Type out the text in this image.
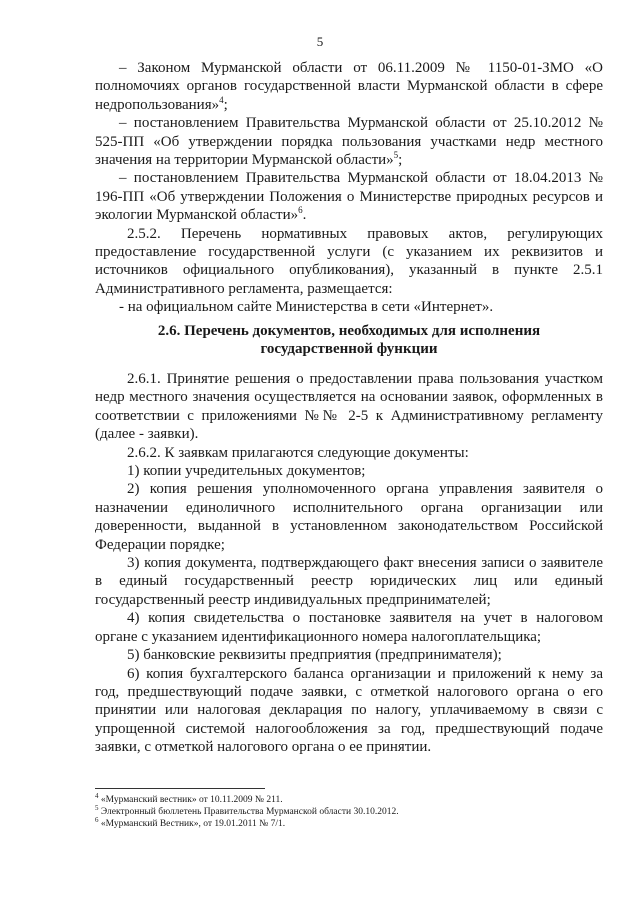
5

– Законом Мурманской области от 06.11.2009 № 1150-01-ЗМО «О полномочиях органов государственной власти Мурманской области в сфере недропользования»$^4$;

– постановлением Правительства Мурманской области от 25.10.2012 № 525-ПП «Об утверждении порядка пользования участками недр местного значения на территории Мурманской области»$^5$;

– постановлением Правительства Мурманской области от 18.04.2013 № 196-ПП «Об утверждении Положения о Министерстве природных ресурсов и экологии Мурманской области»$^6$.

2.5.2. Перечень нормативных правовых актов, регулирующих предоставление государственной услуги (с указанием их реквизитов и источников официального опубликования), указанный в пункте 2.5.1 Административного регламента, размещается:

- на официальном сайте Министерства в сети «Интернет».

2.6. Перечень документов, необходимых для исполнения
государственной функции

2.6.1. Принятие решения о предоставлении права пользования участком недр местного значения осуществляется на основании заявок, оформленных в соответствии с приложениями №№ 2-5 к Административному регламенту (далее - заявки).

2.6.2. К заявкам прилагаются следующие документы:

1) копии учредительных документов;

2) копия решения уполномоченного органа управления заявителя о назначении единоличного исполнительного органа организации или доверенности, выданной в установленном законодательством Российской Федерации порядке;

3) копия документа, подтверждающего факт внесения записи о заявителе в единый государственный реестр юридических лиц или единый государственный реестр индивидуальных предпринимателей;

4) копия свидетельства о постановке заявителя на учет в налоговом органе с указанием идентификационного номера налогоплательщика;

5) банковские реквизиты предприятия (предпринимателя);

6) копия бухгалтерского баланса организации и приложений к нему за год, предшествующий подаче заявки, с отметкой налогового органа о его принятии или налоговая декларация по налогу, уплачиваемому в связи с упрощенной системой налогообложения за год, предшествующий подаче заявки, с отметкой налогового органа о ее принятии.

$^4$ «Мурманский вестник» от 10.11.2009 № 211.
$^5$ Электронный бюллетень Правительства Мурманской области 30.10.2012.
$^6$ «Мурманский Вестник», от 19.01.2011 № 7/1.
